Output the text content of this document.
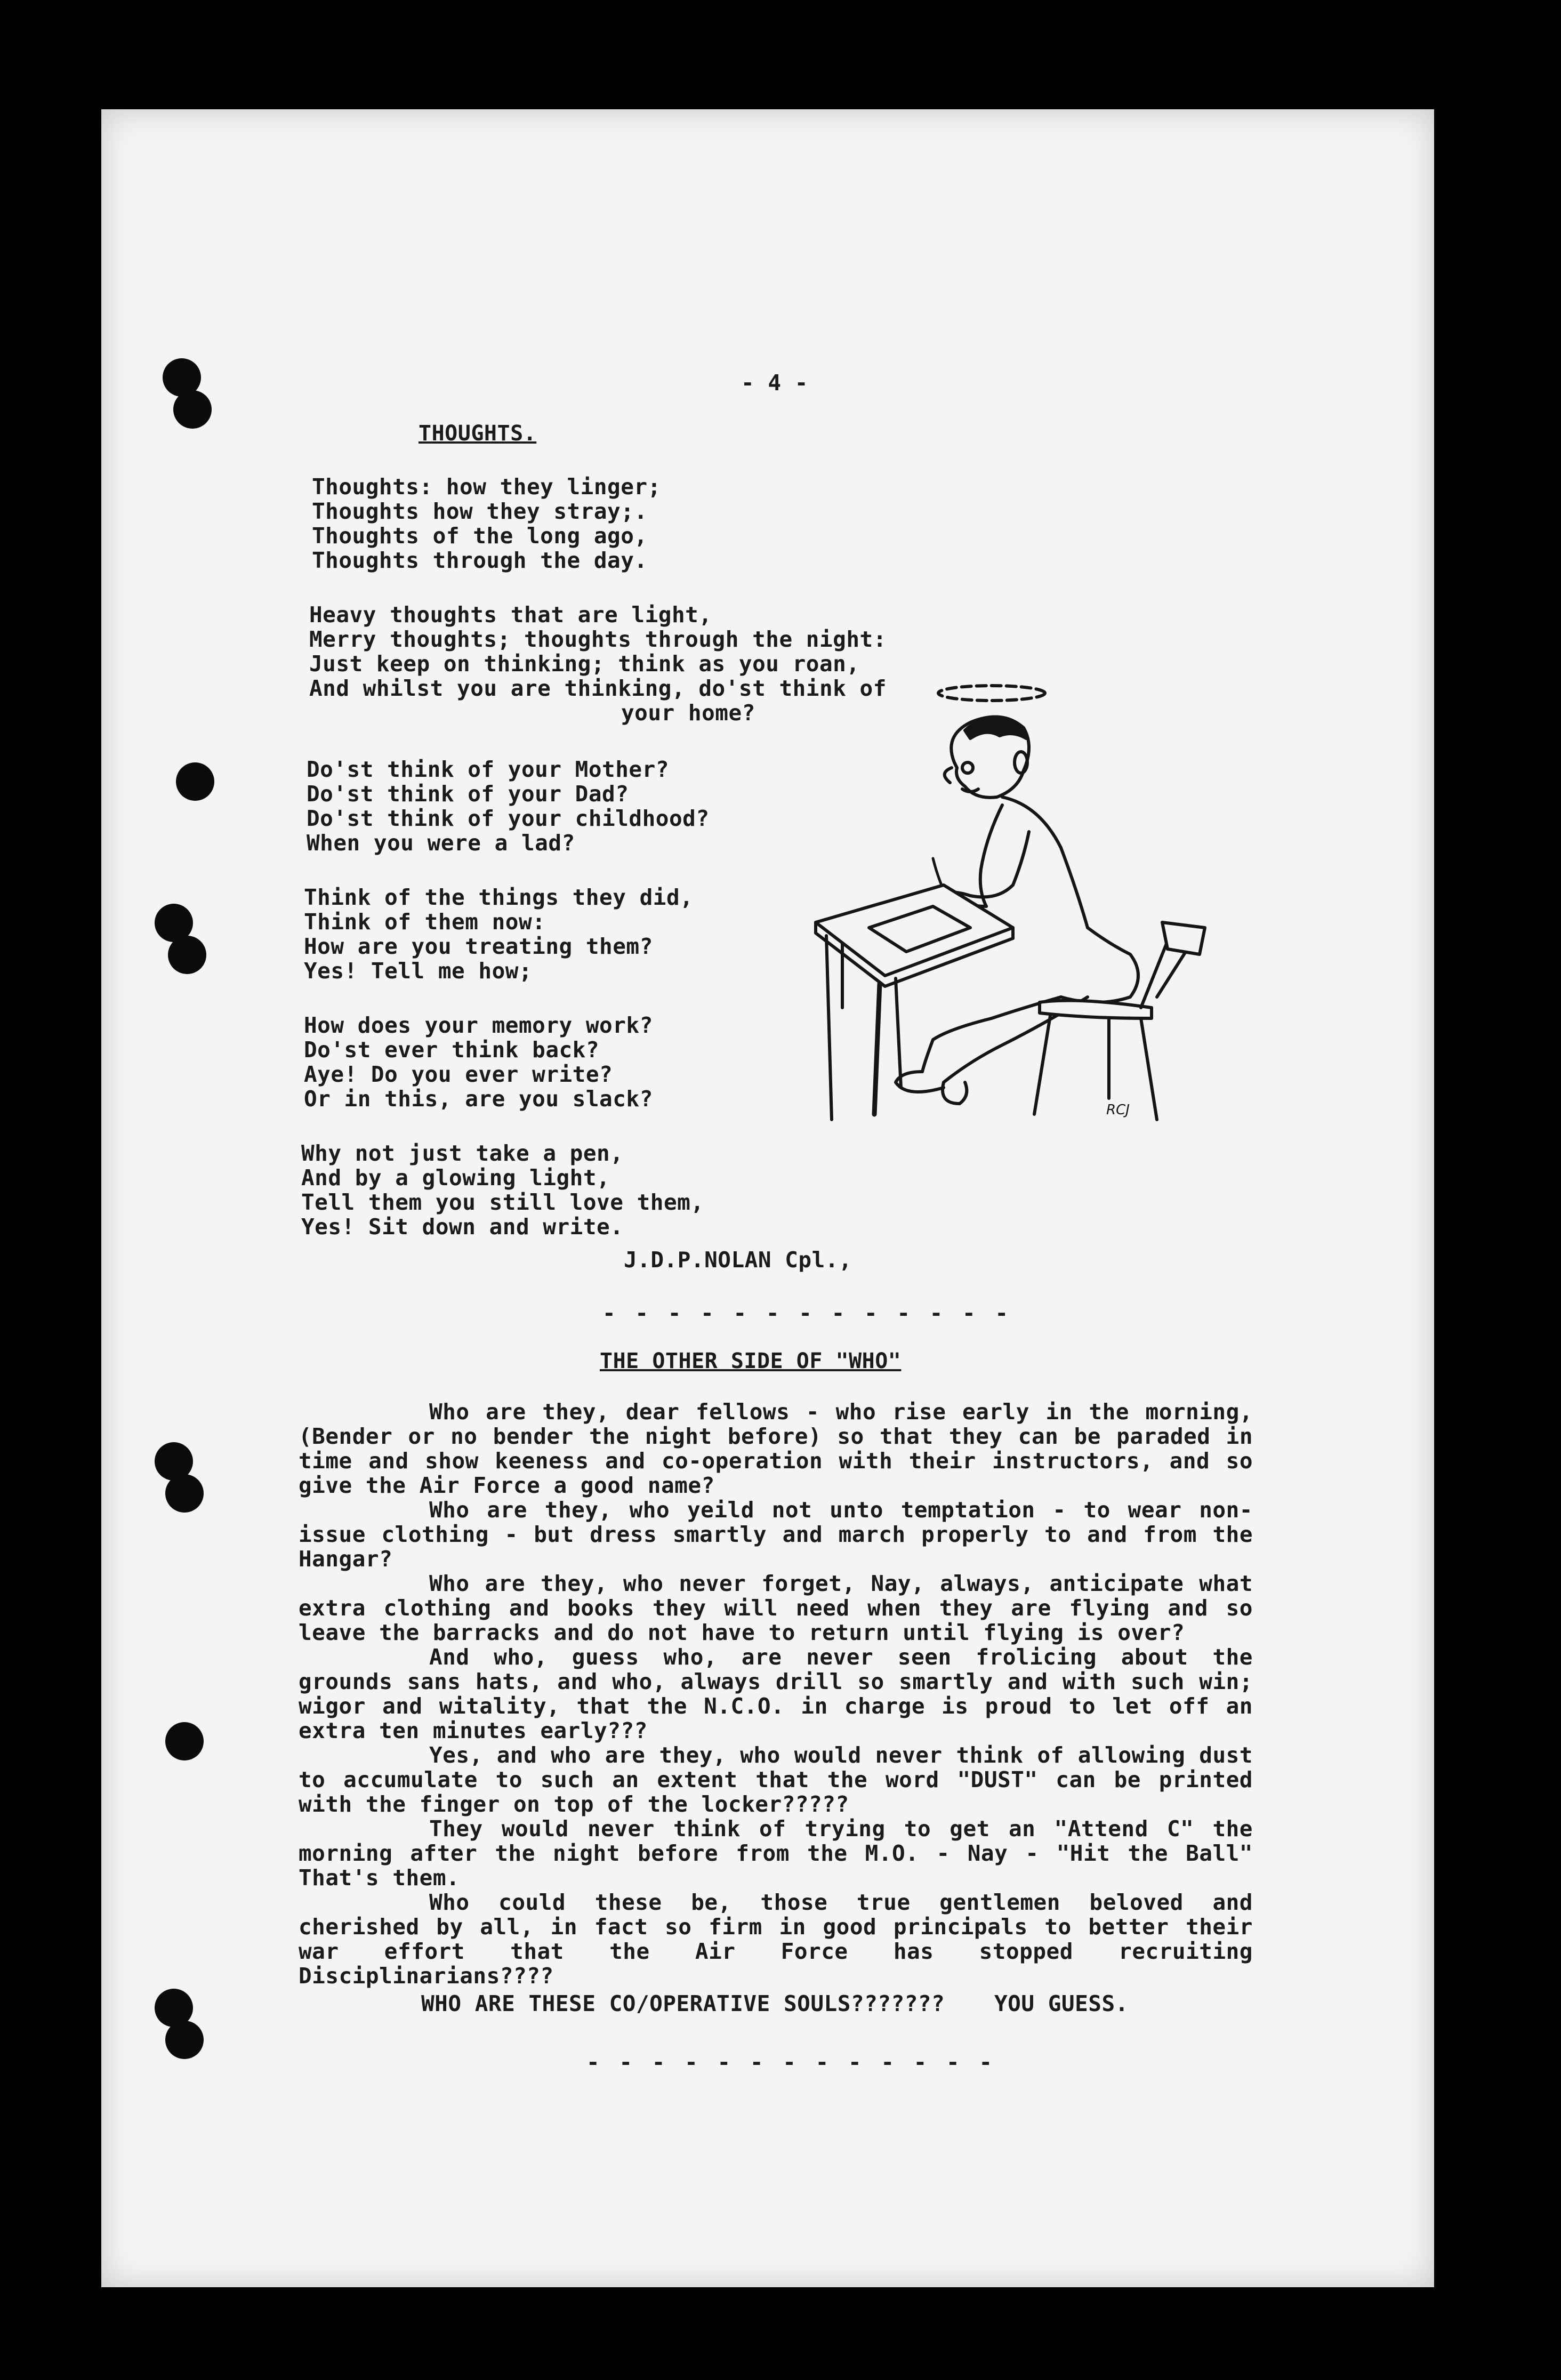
- 4 -
THOUGHTS.
Thoughts: how they linger;
Thoughts how they stray;.
Thoughts of the long ago,
Thoughts through the day.
Heavy thoughts that are light,
Merry thoughts; thoughts through the night:
Just keep on thinking; think as you roan,
And whilst you are thinking, do'st think of
your home?
Do'st think of your Mother?
Do'st think of your Dad?
Do'st think of your childhood?
When you were a lad?
Think of the things they did,
Think of them now:
How are you treating them?
Yes! Tell me how;
How does your memory work?
Do'st ever think back?
Aye! Do you ever write?
Or in this, are you slack?
Why not just take a pen,
And by a glowing light,
Tell them you still love them,
Yes! Sit down and write.
J.D.P.NOLAN Cpl.,
RCJ
- - - - - - - - - - - - -
THE OTHER SIDE OF "WHO"

Who are they, dear fellows - who rise early in the morning, (Bender or no bender the night before) so that they can be paraded in time and show keeness and co-operation with their instructors, and so give the Air Force a good name?

Who are they, who yeild not unto temptation - to wear non-issue clothing - but dress smartly and march properly to and from the Hangar?

Who are they, who never forget, Nay, always, anticipate what extra clothing and books they will need when they are flying and so leave the barracks and do not have to return until flying is over?

And who, guess who, are never seen frolicing about the grounds sans hats, and who, always drill so smartly and with such win; wigor and witality, that the N.C.O. in charge is proud to let off an extra ten minutes early???

Yes, and who are they, who would never think of allowing dust to accumulate to such an extent that the word "DUST" can be printed with the finger on top of the locker?????

They would never think of trying to get an "Attend C" the morning after the night before from the M.O. - Nay - "Hit the Ball" That's them.

Who could these be, those true gentlemen beloved and cherished by all, in fact so firm in good principals to better their war effort that the Air Force has stopped recruiting Disciplinarians????

WHO ARE THESE CO/OPERATIVE SOULS??????? YOU GUESS.
- - - - - - - - - - - - -
